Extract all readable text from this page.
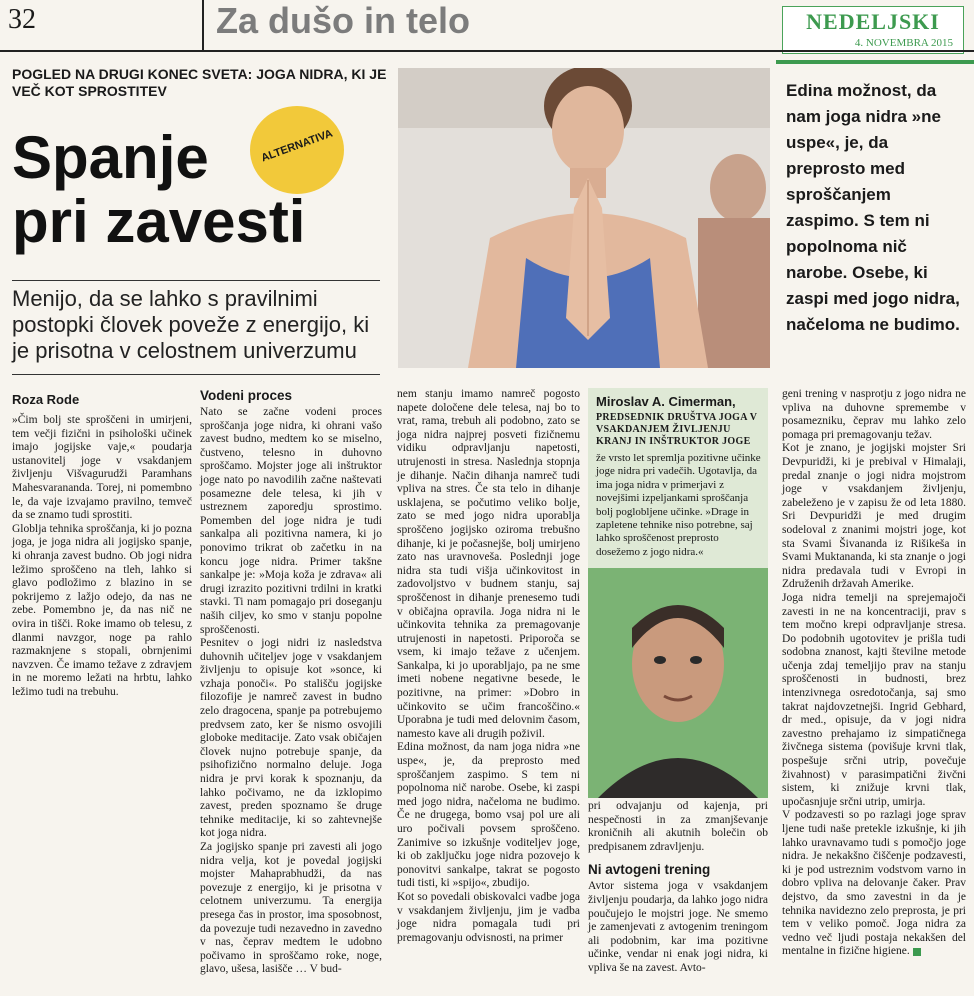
32	Za dušo in telo	NEDELJSKI
4. NOVEMBRA 2015
POGLED NA DRUGI KONEC SVETA: JOGA NIDRA, KI JE VEČ KOT SPROSTITEV
Spanje
pri zavesti
ALTERNATIVA
Menijo, da se lahko s pravilnimi postopki človek poveže z energijo, ki je prisotna v celostnem univerzumu
Edina možnost, da nam joga nidra »ne uspe«, je, da preprosto med sproščanjem zaspimo. S tem ni popolnoma nič narobe. Osebe, ki zaspi med jogo nidra, načeloma ne budimo.
Roza Rode

»Čim bolj ste sproščeni in umirjeni, tem večji fizični in psihološki učinek imajo jogijske vaje,« poudarja ustanovitelj joge v vsakdanjem življenju Višvagurudži Paramhans Mahesvarananda. Torej, ni pomembno le, da vaje izvajamo pravilno, temveč da se znamo tudi sprostiti.

Globlja tehnika sproščanja, ki jo pozna joga, je joga nidra ali jogijsko spanje, ki ohranja zavest budno. Ob jogi nidra ležimo sproščeno na tleh, lahko si glavo podložimo z blazino in se pokrijemo z lažjo odejo, da nas ne zebe. Pomembno je, da nas nič ne ovira in tišči. Roke imamo ob telesu, z dlanmi navzgor, noge pa rahlo razmaknjene s stopali, obrnjenimi navzven. Če imamo težave z zdravjem in ne moremo ležati na hrbtu, lahko ležimo tudi na trebuhu.

Vodeni proces

Nato se začne vodeni proces sproščanja joge nidra, ki ohrani vašo zavest budno, medtem ko se miselno, čustveno, telesno in duhovno sproščamo. Mojster joge ali inštruktor joge nato po navodilih začne naštevati posamezne dele telesa, ki jih v ustreznem zaporedju sprostimo. Pomemben del joge nidra je tudi sankalpa ali pozitivna namera, ki jo ponovimo trikrat ob začetku in na koncu joge nidra. Primer takšne sankalpe je: »Moja koža je zdrava« ali drugi izrazito pozitivni trdilni in kratki stavki. Ti nam pomagajo pri doseganju naših ciljev, ko smo v stanju popolne sproščenosti.

Pesnitev o jogi nidri iz nasledstva duhovnih učiteljev joge v vsakdanjem življenju to opisuje kot »sonce, ki vzhaja ponoči«. Po stališču jogijske filozofije je namreč zavest in budno zelo dragocena, spanje pa potrebujemo predvsem zato, ker še nismo osvojili globoke meditacije. Zato vsak običajen človek nujno potrebuje spanje, da psihofizično normalno deluje. Joga nidra je prvi korak k spoznanju, da lahko počivamo, ne da izklopimo zavest, preden spoznamo še druge tehnike meditacije, ki so zahtevnejše kot joga nidra.

Za jogijsko spanje pri zavesti ali jogo nidra velja, kot je povedal jogijski mojster Mahaprabhudži, da nas povezuje z energijo, ki je prisotna v celotnem univerzumu. Ta energija presega čas in prostor, ima sposobnost, da povezuje tudi nezavedno in zavedno v nas, čeprav medtem le udobno počivamo in sproščamo roke, noge, glavo, ušesa, lasišče … V bud-

nem stanju imamo namreč pogosto napete določene dele telesa, naj bo to vrat, rama, trebuh ali podobno, zato se joga nidra najprej posveti fizičnemu vidiku odpravljanju napetosti, utrujenosti in stresa. Naslednja stopnja je dihanje. Način dihanja namreč tudi vpliva na stres. Če sta telo in dihanje usklajena, se počutimo veliko bolje, zato se med jogo nidra uporablja sproščeno jogijsko oziroma trebušno dihanje, ki je počasnejše, bolj umirjeno zato nas uravnoveša. Poslednji joge nidra sta tudi višja učinkovitost in zadovoljstvo v budnem stanju, saj sproščenost in dihanje prenesemo tudi v običajna opravila. Joga nidra ni le učinkovita tehnika za premagovanje utrujenosti in napetosti. Priporoča se vsem, ki imajo težave z učenjem. Sankalpa, ki jo uporabljajo, pa ne sme imeti nobene negativne besede, le pozitivne, na primer: »Dobro in učinkovito se učim francoščino.« Uporabna je tudi med delovnim časom, namesto kave ali drugih poživil.

Edina možnost, da nam joga nidra »ne uspe«, je, da preprosto med sproščanjem zaspimo. S tem ni popolnoma nič narobe. Osebe, ki zaspi med jogo nidra, načeloma ne budimo. Če ne drugega, bomo vsaj pol ure ali uro počivali povsem sproščeno. Zanimive so izkušnje voditeljev joge, ki ob zaključku joge nidra pozovejo k ponovitvi sankalpe, takrat se pogosto tudi tisti, ki »spijo«, zbudijo.

Kot so povedali obiskovalci vadbe joga v vsakdanjem življenju, jim je vadba joge nidra pomagala tudi pri premagovanju odvisnosti, na primer

Miroslav A. Cimerman,
PREDSEDNIK DRUŠTVA JOGA V VSAKDANJEM ŽIVLJENJU KRANJ IN INŠTRUKTOR JOGE
že vrsto let spremlja pozitivne učinke joge nidra pri vadečih. Ugotavlja, da ima joga nidra v primerjavi z novejšimi izpeljankami sproščanja bolj poglobljene učinke. »Drage in zapletene tehnike niso potrebne, saj lahko sproščenost preprosto dosežemo z jogo nidra.«

pri odvajanju od kajenja, pri nespečnosti in za zmanjševanje kroničnih ali akutnih bolečin ob predpisanem zdravljenju.

Ni avtogeni trening

Avtor sistema joga v vsakdanjem življenju poudarja, da lahko jogo nidra poučujejo le mojstri joge. Ne smemo je zamenjevati z avtogenim treningom ali podobnim, kar ima pozitivne učinke, vendar ni enak jogi nidra, ki vpliva še na zavest. Avto-

geni trening v nasprotju z jogo nidra ne vpliva na duhovne spremembe v posamezniku, čeprav mu lahko zelo pomaga pri premagovanju težav.

Kot je znano, je jogijski mojster Sri Devpuridži, ki je prebival v Himalaji, predal znanje o jogi nidra mojstrom joge v vsakdanjem življenju, zabeleženo je v zapisu že od leta 1880. Sri Devpuridži je med drugim sodeloval z znanimi mojstri joge, kot sta Svami Šivananda iz Rišikeša in Svami Muktananda, ki sta znanje o jogi nidra predavala tudi v Evropi in Združenih državah Amerike.

Joga nidra temelji na sprejemajoči zavesti in ne na koncentraciji, prav s tem močno krepi odpravljanje stresa. Do podobnih ugotovitev je prišla tudi sodobna znanost, kajti številne metode učenja zdaj temeljijo prav na stanju sproščenosti in budnosti, brez intenzivnega osredotočanja, saj smo takrat najdovzetnejši. Ingrid Gebhard, dr med., opisuje, da v jogi nidra zavestno prehajamo iz simpatičnega živčnega sistema (povišuje krvni tlak, pospešuje srčni utrip, povečuje živahnost) v parasimpatični živčni sistem, ki znižuje krvni tlak, upočasnjuje srčni utrip, umirja.

V podzavesti so po razlagi joge sprav ljene tudi naše pretekle izkušnje, ki jih lahko uravnavamo tudi s pomočjo joge nidra. Je nekakšno čiščenje podzavesti, ki je pod ustreznim vodstvom varno in dobro vpliva na delovanje čaker. Prav dejstvo, da smo zavestni in da je tehnika navidezno zelo preprosta, je pri tem v veliko pomoč. Joga nidra za vedno več ljudi postaja nekakšen del mentalne in fizične higiene.
